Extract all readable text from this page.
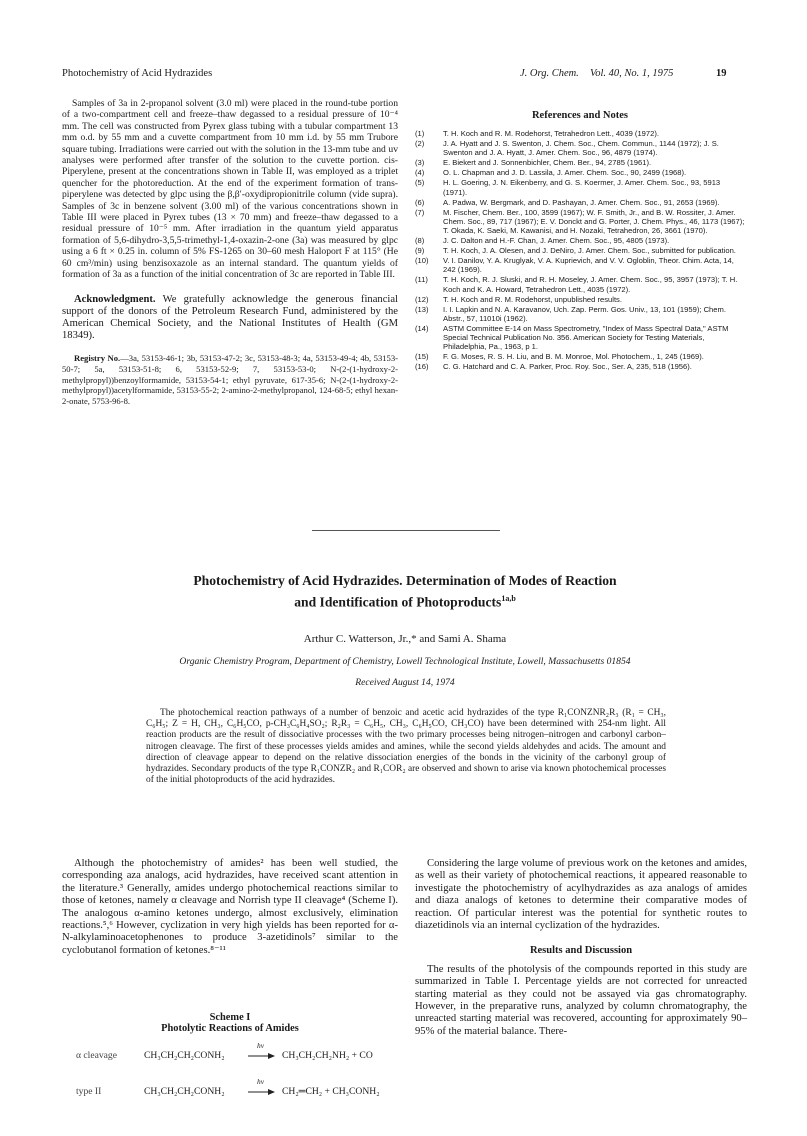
Photochemistry of Acid Hydrazides	J. Org. Chem. Vol. 40, No. 1, 1975	19

Samples of 3a in 2-propanol solvent (3.0 ml) were placed in the round-tube portion of a two-compartment cell and freeze–thaw degassed to a residual pressure of 10⁻⁴ mm. The cell was constructed from Pyrex glass tubing with a tubular compartment 13 mm o.d. by 55 mm and a cuvette compartment from 10 mm i.d. by 55 mm Trubore square tubing. Irradiations were carried out with the solution in the 13-mm tube and uv analyses were performed after transfer of the solution to the cuvette portion. cis-Piperylene, present at the concentrations shown in Table II, was employed as a triplet quencher for the photoreduction. At the end of the experiment formation of trans-piperylene was detected by glpc using the β,β′-oxydipropionitrile column (vide supra). Samples of 3c in benzene solvent (3.00 ml) of the various concentrations shown in Table III were placed in Pyrex tubes (13 × 70 mm) and freeze–thaw degassed to a residual pressure of 10⁻⁵ mm. After irradiation in the quantum yield apparatus formation of 5,6-dihydro-3,5,5-trimethyl-1,4-oxazin-2-one (3a) was measured by glpc using a 6 ft × 0.25 in. column of 5% FS-1265 on 30–60 mesh Haloport F at 115° (He 60 cm³/min) using benzisoxazole as an internal standard. The quantum yields of formation of 3a as a function of the initial concentration of 3c are reported in Table III.

Acknowledgment. We gratefully acknowledge the generous financial support of the donors of the Petroleum Research Fund, administered by the American Chemical Society, and the National Institutes of Health (GM 18349).

Registry No.—3a, 53153-46-1; 3b, 53153-47-2; 3c, 53153-48-3; 4a, 53153-49-4; 4b, 53153-50-7; 5a, 53153-51-8; 6, 53153-52-9; 7, 53153-53-0; N-(2-(1-hydroxy-2-methylpropyl))benzoylformamide, 53153-54-1; ethyl pyruvate, 617-35-6; N-(2-(1-hydroxy-2-methylpropyl))acetylformamide, 53153-55-2; 2-amino-2-methylpropanol, 124-68-5; ethyl hexan-2-onate, 5753-96-8.

References and Notes
(1) T. H. Koch and R. M. Rodehorst, Tetrahedron Lett., 4039 (1972).
(2) J. A. Hyatt and J. S. Swenton, J. Chem. Soc., Chem. Commun., 1144 (1972); J. S. Swenton and J. A. Hyatt, J. Amer. Chem. Soc., 96, 4879 (1974).
(3) E. Biekert and J. Sonnenbichler, Chem. Ber., 94, 2785 (1961).
(4) O. L. Chapman and J. D. Lassila, J. Amer. Chem. Soc., 90, 2499 (1968).
(5) H. L. Goering, J. N. Eikenberry, and G. S. Koermer, J. Amer. Chem. Soc., 93, 5913 (1971).
(6) A. Padwa, W. Bergmark, and D. Pashayan, J. Amer. Chem. Soc., 91, 2653 (1969).
(7) M. Fischer, Chem. Ber., 100, 3599 (1967); W. F. Smith, Jr., and B. W. Rossiter, J. Amer. Chem. Soc., 89, 717 (1967); E. V. Donckt and G. Porter, J. Chem. Phys., 46, 1173 (1967); T. Okada, K. Saeki, M. Kawanisi, and H. Nozaki, Tetrahedron, 26, 3661 (1970).
(8) J. C. Dalton and H.-F. Chan, J. Amer. Chem. Soc., 95, 4805 (1973).
(9) T. H. Koch, J. A. Olesen, and J. DeNiro, J. Amer. Chem. Soc., submitted for publication.
(10) V. I. Danilov, Y. A. Kruglyak, V. A. Kuprievich, and V. V. Ogloblin, Theor. Chim. Acta, 14, 242 (1969).
(11) T. H. Koch, R. J. Sluski, and R. H. Moseley, J. Amer. Chem. Soc., 95, 3957 (1973); T. H. Koch and K. A. Howard, Tetrahedron Lett., 4035 (1972).
(12) T. H. Koch and R. M. Rodehorst, unpublished results.
(13) I. I. Lapkin and N. A. Karavanov, Uch. Zap. Perm. Gos. Univ., 13, 101 (1959); Chem. Abstr., 57, 11010i (1962).
(14) ASTM Committee E-14 on Mass Spectrometry, "Index of Mass Spectral Data," ASTM Special Technical Publication No. 356. American Society for Testing Materials, Philadelphia, Pa., 1963, p 1.
(15) F. G. Moses, R. S. H. Liu, and B. M. Monroe, Mol. Photochem., 1, 245 (1969).
(16) C. G. Hatchard and C. A. Parker, Proc. Roy. Soc., Ser. A, 235, 518 (1956).
Photochemistry of Acid Hydrazides. Determination of Modes of Reaction
and Identification of Photoproducts$^{1a,b}$
Arthur C. Watterson, Jr.,* and Sami A. Shama
Organic Chemistry Program, Department of Chemistry, Lowell Technological Institute, Lowell, Massachusetts 01854
Received August 14, 1974
The photochemical reaction pathways of a number of benzoic and acetic acid hydrazides of the type R₁CONZNR₂R₃ (R₁ = CH₃, C₆H₅; Z = H, CH₃, C₆H₅CO, p-CH₃C₆H₄SO₂; R₂R₃ = C₆H₅, CH₃, C₆H₅CO, CH₃CO) have been determined with 254-nm light. All reaction products are the result of dissociative processes with the two primary processes being nitrogen–nitrogen and carbonyl carbon–nitrogen cleavage. The first of these processes yields amides and amines, while the second yields aldehydes and acids. The amount and direction of cleavage appear to depend on the relative dissociation energies of the bonds in the vicinity of the carbonyl group of hydrazides. Secondary products of the type R₁CONZR₂ and R₁COR₂ are observed and shown to arise via known photochemical processes of the initial photoproducts of the acid hydrazides.

Although the photochemistry of amides² has been well studied, the corresponding aza analogs, acid hydrazides, have received scant attention in the literature.³ Generally, amides undergo photochemical reactions similar to those of ketones, namely α cleavage and Norrish type II cleavage⁴ (Scheme I). The analogous α-amino ketones undergo, almost exclusively, elimination reactions.⁵,⁶ However, cyclization in very high yields has been reported for α-N-alkylaminoacetophenones to produce 3-azetidinols⁷ similar to the cyclobutanol formation of ketones.⁸⁻¹¹

Scheme I
Photolytic Reactions of Amides
α cleavage	CH₃CH₂CH₂CONH₂
hν
→ CH₃CH₂CH₂NH₂ + CO
type II	CH₃CH₂CH₂CONH₂
hν
→ CH₂═CH₂ + CH₃CONH₂

Considering the large volume of previous work on the ketones and amides, as well as their variety of photochemical reactions, it appeared reasonable to investigate the photochemistry of acylhydrazides as aza analogs of amides and diaza analogs of ketones to determine their comparative modes of reaction. Of particular interest was the potential for synthetic routes to diazetidinols via an internal cyclization of the hydrazides.

Results and Discussion

The results of the photolysis of the compounds reported in this study are summarized in Table I. Percentage yields are not corrected for unreacted starting material as they could not be assayed via gas chromatography. However, in the preparative runs, analyzed by column chromatography, the unreacted starting material was recovered, accounting for approximately 90–95% of the material balance. There-
